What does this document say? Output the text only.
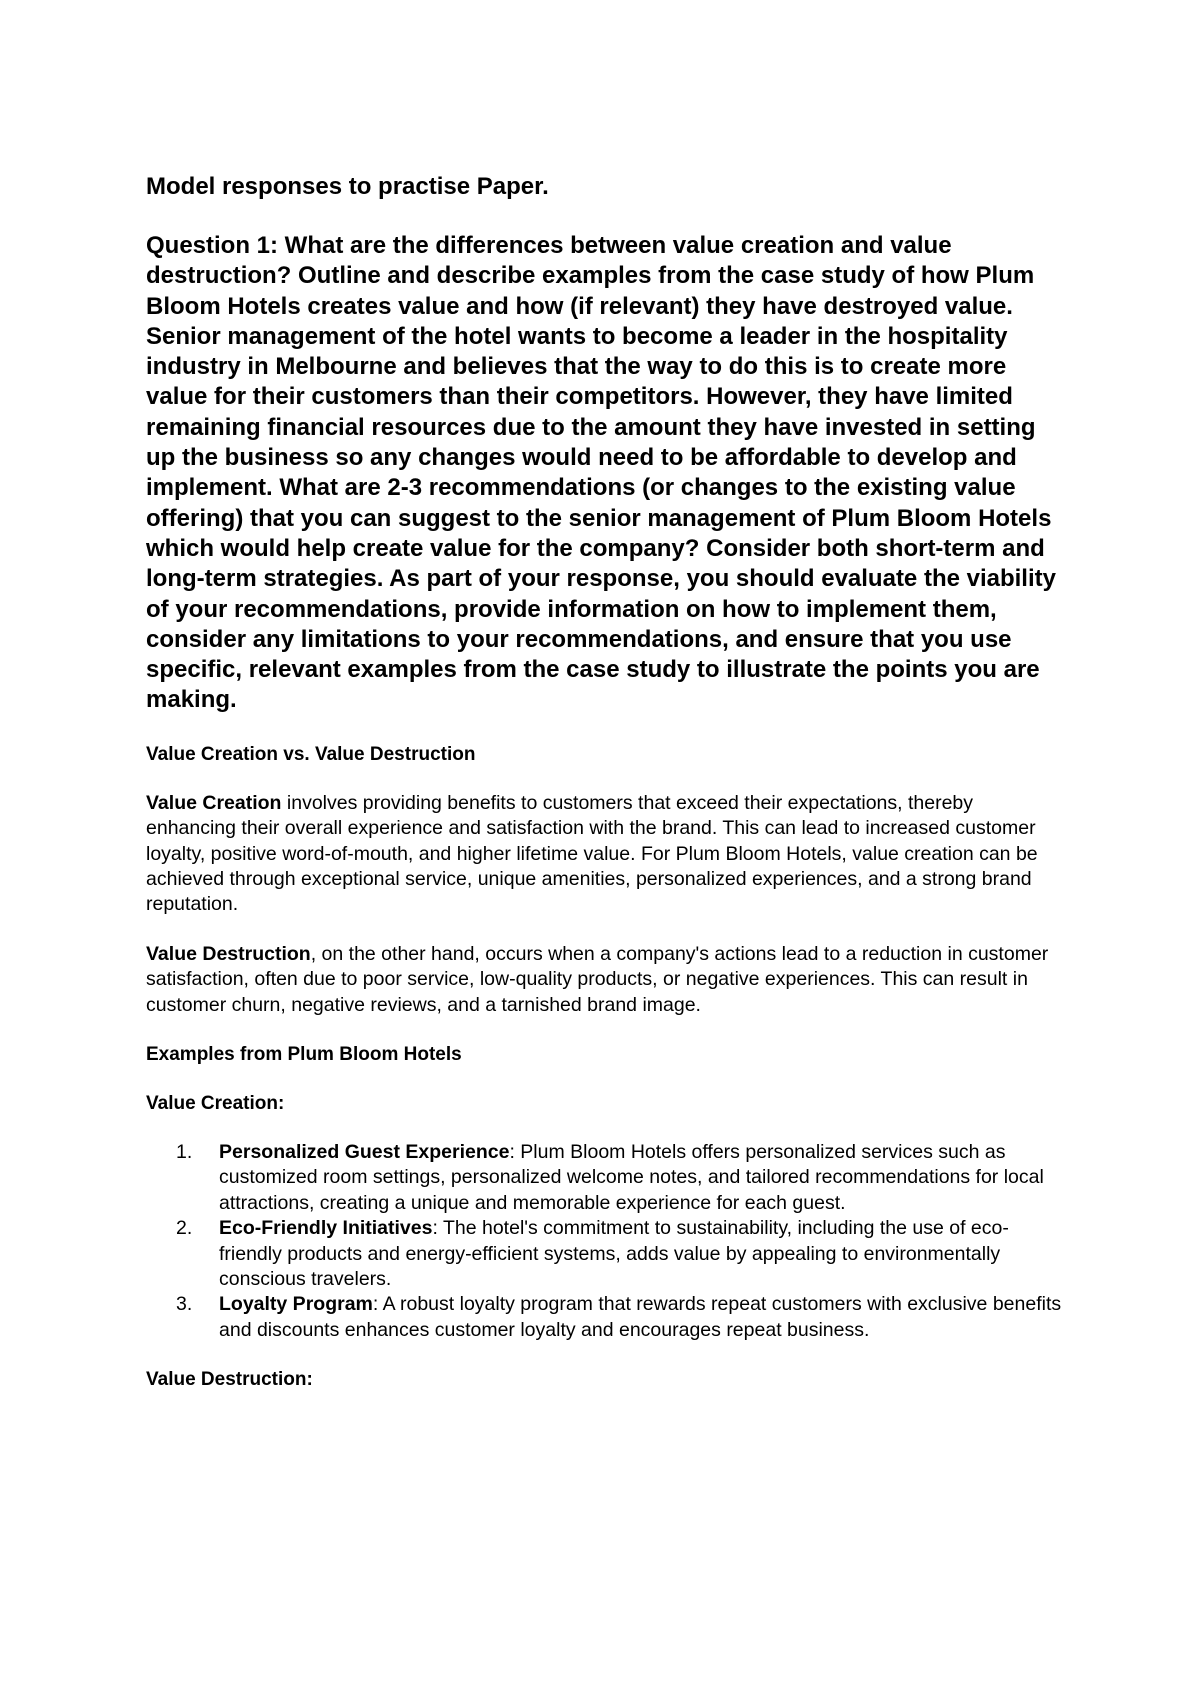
Model responses to practise Paper.
Question 1: What are the differences between value creation and value destruction? Outline and describe examples from the case study of how Plum Bloom Hotels creates value and how (if relevant) they have destroyed value. Senior management of the hotel wants to become a leader in the hospitality industry in Melbourne and believes that the way to do this is to create more value for their customers than their competitors. However, they have limited remaining financial resources due to the amount they have invested in setting up the business so any changes would need to be affordable to develop and implement. What are 2-3 recommendations (or changes to the existing value offering) that you can suggest to the senior management of Plum Bloom Hotels which would help create value for the company? Consider both short-term and long-term strategies. As part of your response, you should evaluate the viability of your recommendations, provide information on how to implement them, consider any limitations to your recommendations, and ensure that you use specific, relevant examples from the case study to illustrate the points you are making.
Value Creation vs. Value Destruction

Value Creation involves providing benefits to customers that exceed their expectations, thereby enhancing their overall experience and satisfaction with the brand. This can lead to increased customer loyalty, positive word-of-mouth, and higher lifetime value. For Plum Bloom Hotels, value creation can be achieved through exceptional service, unique amenities, personalized experiences, and a strong brand reputation.

Value Destruction, on the other hand, occurs when a company's actions lead to a reduction in customer satisfaction, often due to poor service, low-quality products, or negative experiences. This can result in customer churn, negative reviews, and a tarnished brand image.

Examples from Plum Bloom Hotels
Value Creation:
1. Personalized Guest Experience: Plum Bloom Hotels offers personalized services such as customized room settings, personalized welcome notes, and tailored recommendations for local attractions, creating a unique and memorable experience for each guest.
2. Eco-Friendly Initiatives: The hotel's commitment to sustainability, including the use of eco-friendly products and energy-efficient systems, adds value by appealing to environmentally conscious travelers.
3. Loyalty Program: A robust loyalty program that rewards repeat customers with exclusive benefits and discounts enhances customer loyalty and encourages repeat business.
Value Destruction:
